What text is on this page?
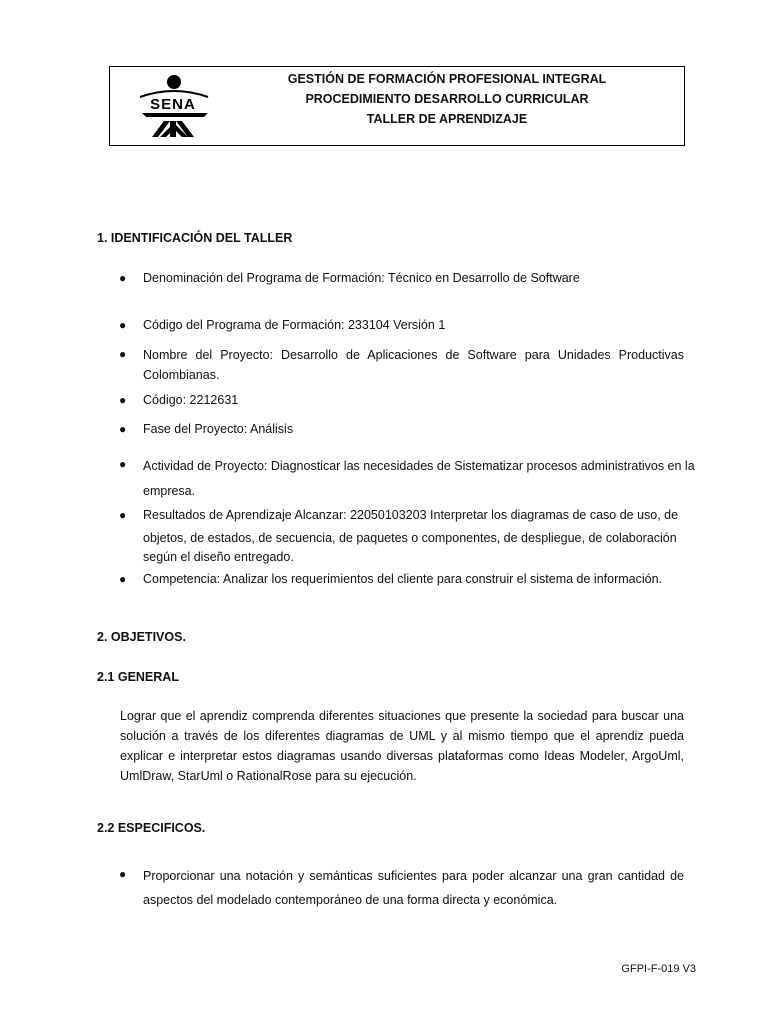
SENA
GESTIÓN DE FORMACIÓN PROFESIONAL INTEGRAL
PROCEDIMIENTO DESARROLLO CURRICULAR
TALLER DE APRENDIZAJE
1. IDENTIFICACIÓN DEL TALLER
● Denominación del Programa de Formación: Técnico en Desarrollo de Software
● Código del Programa de Formación: 233104 Versión 1
● Nombre del Proyecto: Desarrollo de Aplicaciones de Software para Unidades Productivas
Colombianas.
● Código: 2212631
● Fase del Proyecto: Análisis
● Actividad de Proyecto: Diagnosticar las necesidades de Sistematizar procesos administrativos en la
empresa.
● Resultados de Aprendizaje Alcanzar: 22050103203 Interpretar los diagramas de caso de uso, de
objetos, de estados, de secuencia, de paquetes o componentes, de despliegue, de colaboración
según el diseño entregado.
● Competencia: Analizar los requerimientos del cliente para construir el sistema de información.
2. OBJETIVOS.
2.1 GENERAL
Lograr que el aprendiz comprenda diferentes situaciones que presente la sociedad para buscar una
solución a través de los diferentes diagramas de UML y al mismo tiempo que el aprendiz pueda
explicar e interpretar estos diagramas usando diversas plataformas como Ideas Modeler, ArgoUml,
UmlDraw, StarUml o RationalRose para su ejecución.
2.2 ESPECIFICOS.
● Proporcionar una notación y semánticas suficientes para poder alcanzar una gran cantidad de
aspectos del modelado contemporáneo de una forma directa y económica.
GFPI-F-019 V3
